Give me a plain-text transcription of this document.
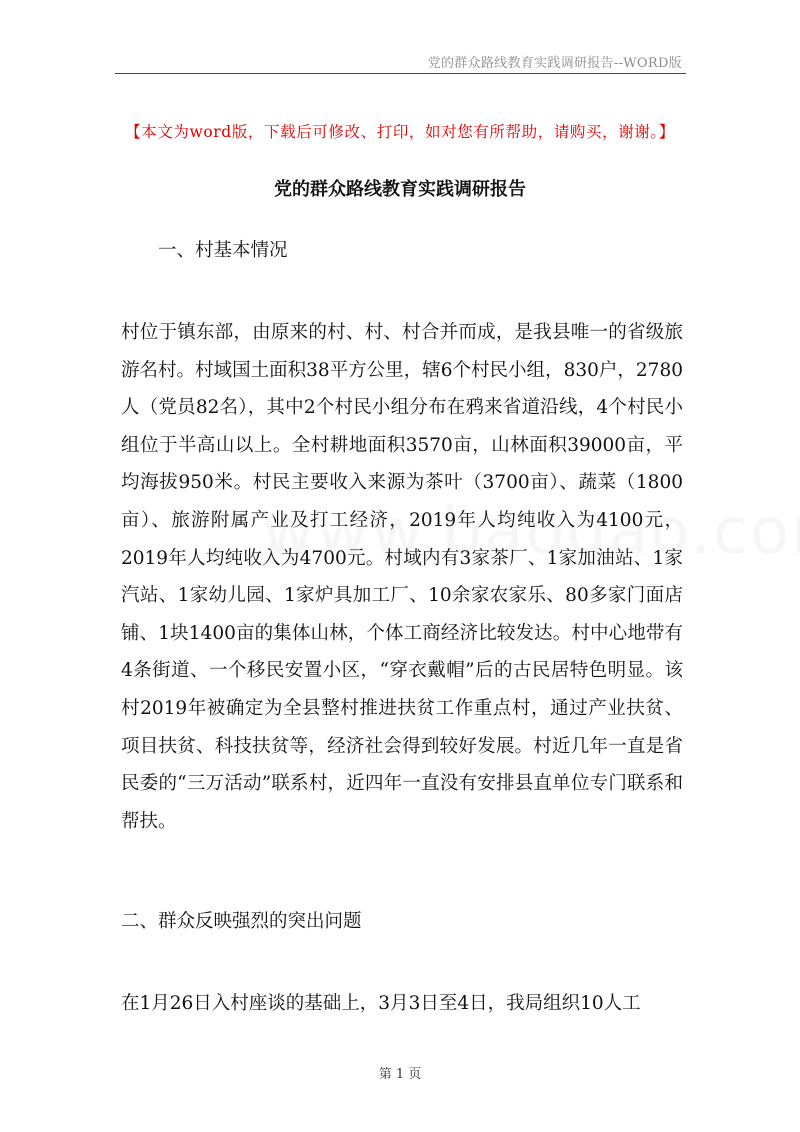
党的群众路线教育实践调研报告--WORD版
【本文为word版，下载后可修改、打印，如对您有所帮助，请购买，谢谢。】
党的群众路线教育实践调研报告
一、村基本情况
村位于镇东部，由原来的村、村、村合并而成，是我县唯一的省级旅游名村。村域国土面积38平方公里，辖6个村民小组，830户，2780人（党员82名），其中2个村民小组分布在鸦来省道沿线，4个村民小组位于半高山以上。全村耕地面积3570亩，山林面积39000亩，平均海拔950米。村民主要收入来源为茶叶（3700亩）、蔬菜（1800亩）、旅游附属产业及打工经济，2019年人均纯收入为4100元，2019年人均纯收入为4700元。村域内有3家茶厂、1家加油站、1家汽站、1家幼儿园、1家炉具加工厂、10余家农家乐、80多家门面店铺、1块1400亩的集体山林，个体工商经济比较发达。村中心地带有4条街道、一个移民安置小区，“穿衣戴帽”后的古民居特色明显。该村2019年被确定为全县整村推进扶贫工作重点村，通过产业扶贫、项目扶贫、科技扶贫等，经济社会得到较好发展。村近几年一直是省民委的“三万活动”联系村，近四年一直没有安排县直单位专门联系和帮扶。
二、群众反映强烈的突出问题
在1月26日入村座谈的基础上，3月3日至4日，我局组织10人工
第 1 页
